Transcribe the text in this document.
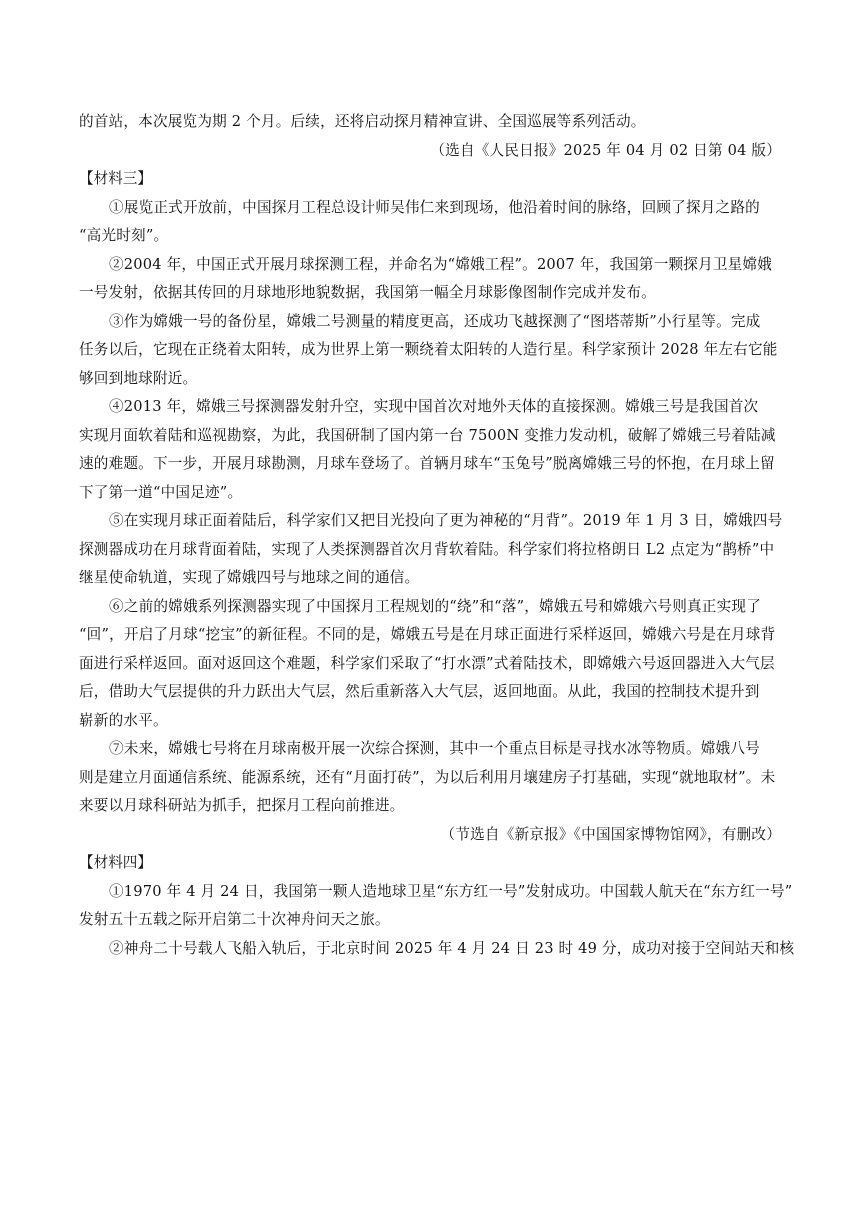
的首站，本次展览为期 2 个月。后续，还将启动探月精神宣讲、全国巡展等系列活动。
（选自《人民日报》2025 年 04 月 02 日第 04 版）
【材料三】
①展览正式开放前，中国探月工程总设计师吴伟仁来到现场，他沿着时间的脉络，回顾了探月之路的
“高光时刻”。
②2004 年，中国正式开展月球探测工程，并命名为“嫦娥工程”。2007 年，我国第一颗探月卫星嫦娥
一号发射，依据其传回的月球地形地貌数据，我国第一幅全月球影像图制作完成并发布。
③作为嫦娥一号的备份星，嫦娥二号测量的精度更高，还成功飞越探测了“图塔蒂斯”小行星等。完成
任务以后，它现在正绕着太阳转，成为世界上第一颗绕着太阳转的人造行星。科学家预计 2028 年左右它能
够回到地球附近。
④2013 年，嫦娥三号探测器发射升空，实现中国首次对地外天体的直接探测。嫦娥三号是我国首次
实现月面软着陆和巡视勘察，为此，我国研制了国内第一台 7500N 变推力发动机，破解了嫦娥三号着陆减
速的难题。下一步，开展月球勘测，月球车登场了。首辆月球车“玉兔号”脱离嫦娥三号的怀抱，在月球上留
下了第一道“中国足迹”。
⑤在实现月球正面着陆后，科学家们又把目光投向了更为神秘的“月背”。2019 年 1 月 3 日，嫦娥四号
探测器成功在月球背面着陆，实现了人类探测器首次月背软着陆。科学家们将拉格朗日 L2 点定为“鹊桥”中
继星使命轨道，实现了嫦娥四号与地球之间的通信。
⑥之前的嫦娥系列探测器实现了中国探月工程规划的“绕”和“落”，嫦娥五号和嫦娥六号则真正实现了
“回”，开启了月球“挖宝”的新征程。不同的是，嫦娥五号是在月球正面进行采样返回，嫦娥六号是在月球背
面进行采样返回。面对返回这个难题，科学家们采取了“打水漂”式着陆技术，即嫦娥六号返回器进入大气层
后，借助大气层提供的升力跃出大气层，然后重新落入大气层，返回地面。从此，我国的控制技术提升到
崭新的水平。
⑦未来，嫦娥七号将在月球南极开展一次综合探测，其中一个重点目标是寻找水冰等物质。嫦娥八号
则是建立月面通信系统、能源系统，还有“月面打砖”，为以后利用月壤建房子打基础，实现“就地取材”。未
来要以月球科研站为抓手，把探月工程向前推进。
（节选自《新京报》《中国国家博物馆网》，有删改）
【材料四】
①1970 年 4 月 24 日，我国第一颗人造地球卫星“东方红一号”发射成功。中国载人航天在“东方红一号”
发射五十五载之际开启第二十次神舟问天之旅。
②神舟二十号载人飞船入轨后，于北京时间 2025 年 4 月 24 日 23 时 49 分，成功对接于空间站天和核
